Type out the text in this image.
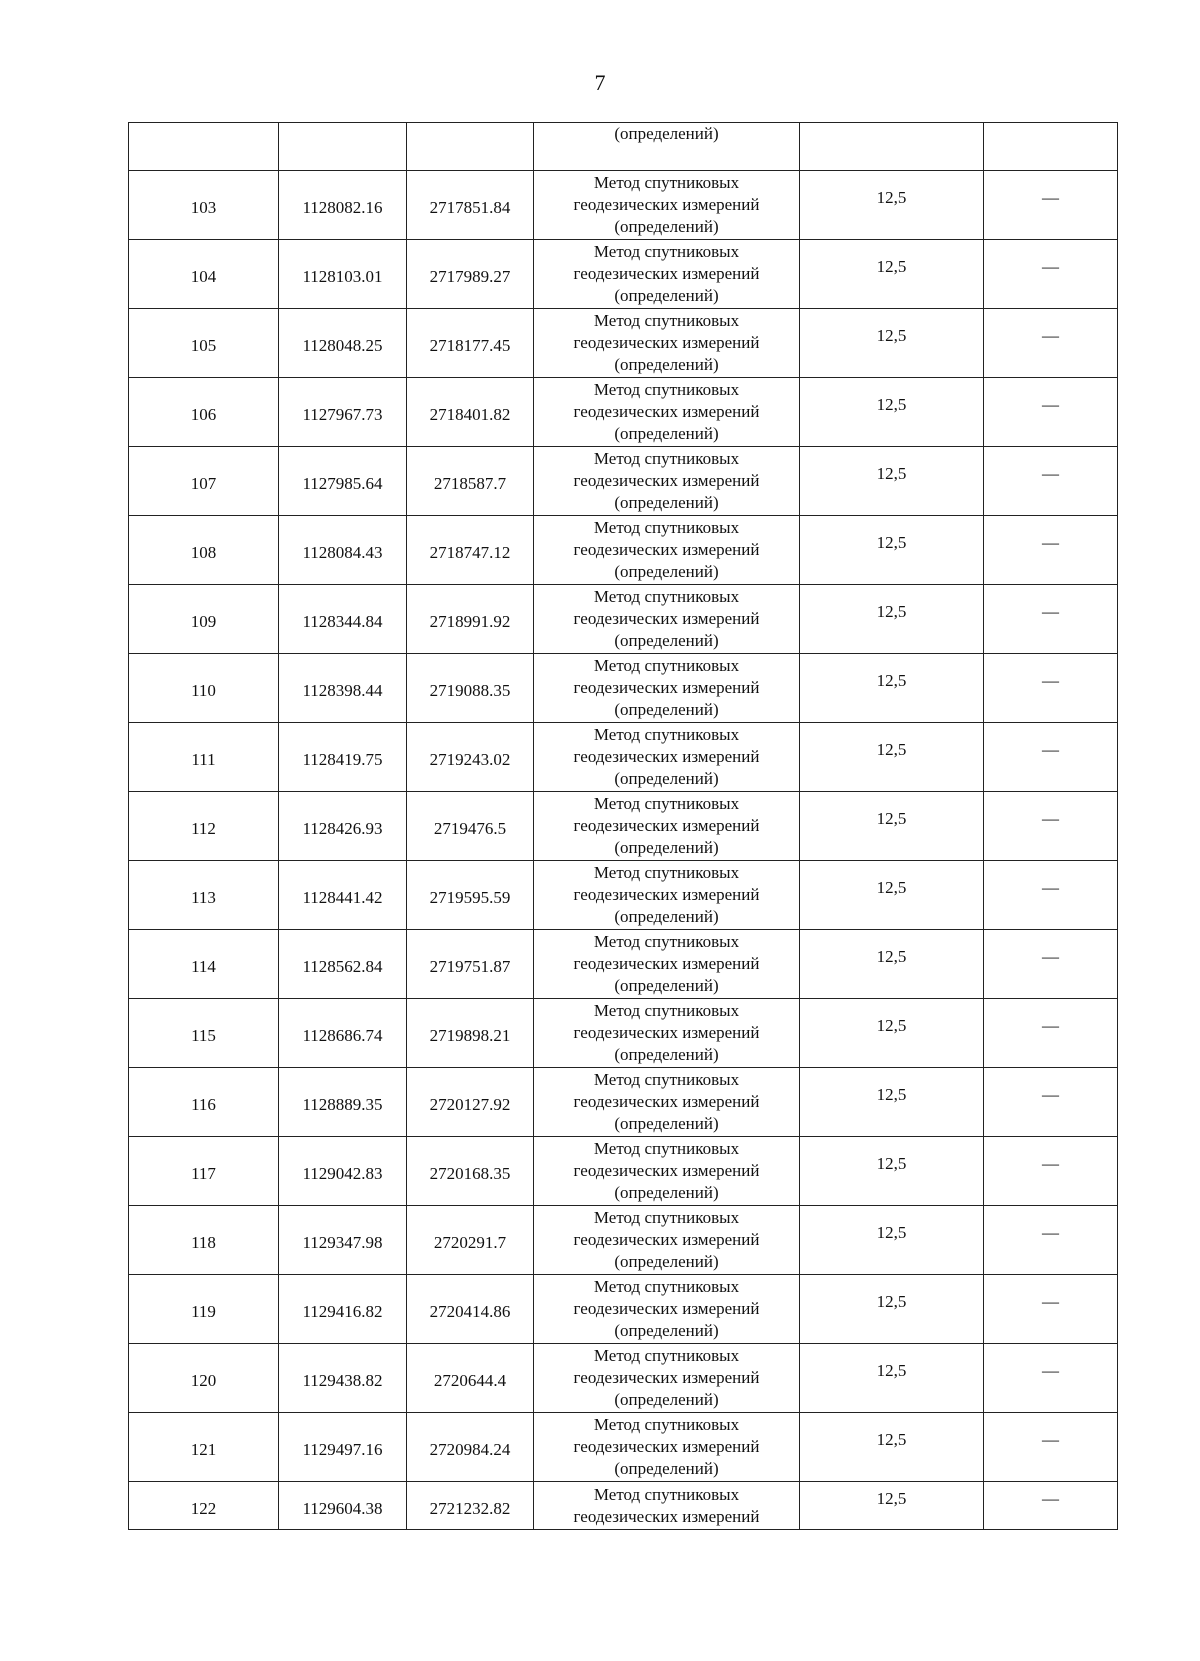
7

			(определений)		

103	1128082.16	2717851.84	Метод спутниковых
геодезических измерений
(определений)	12,5	—
104	1128103.01	2717989.27	Метод спутниковых
геодезических измерений
(определений)	12,5	—
105	1128048.25	2718177.45	Метод спутниковых
геодезических измерений
(определений)	12,5	—
106	1127967.73	2718401.82	Метод спутниковых
геодезических измерений
(определений)	12,5	—
107	1127985.64	2718587.7	Метод спутниковых
геодезических измерений
(определений)	12,5	—
108	1128084.43	2718747.12	Метод спутниковых
геодезических измерений
(определений)	12,5	—
109	1128344.84	2718991.92	Метод спутниковых
геодезических измерений
(определений)	12,5	—
110	1128398.44	2719088.35	Метод спутниковых
геодезических измерений
(определений)	12,5	—
111	1128419.75	2719243.02	Метод спутниковых
геодезических измерений
(определений)	12,5	—
112	1128426.93	2719476.5	Метод спутниковых
геодезических измерений
(определений)	12,5	—
113	1128441.42	2719595.59	Метод спутниковых
геодезических измерений
(определений)	12,5	—
114	1128562.84	2719751.87	Метод спутниковых
геодезических измерений
(определений)	12,5	—
115	1128686.74	2719898.21	Метод спутниковых
геодезических измерений
(определений)	12,5	—
116	1128889.35	2720127.92	Метод спутниковых
геодезических измерений
(определений)	12,5	—
117	1129042.83	2720168.35	Метод спутниковых
геодезических измерений
(определений)	12,5	—
118	1129347.98	2720291.7	Метод спутниковых
геодезических измерений
(определений)	12,5	—
119	1129416.82	2720414.86	Метод спутниковых
геодезических измерений
(определений)	12,5	—
120	1129438.82	2720644.4	Метод спутниковых
геодезических измерений
(определений)	12,5	—
121	1129497.16	2720984.24	Метод спутниковых
геодезических измерений
(определений)	12,5	—
122	1129604.38	2721232.82	Метод спутниковых
геодезических измерений	12,5	—
